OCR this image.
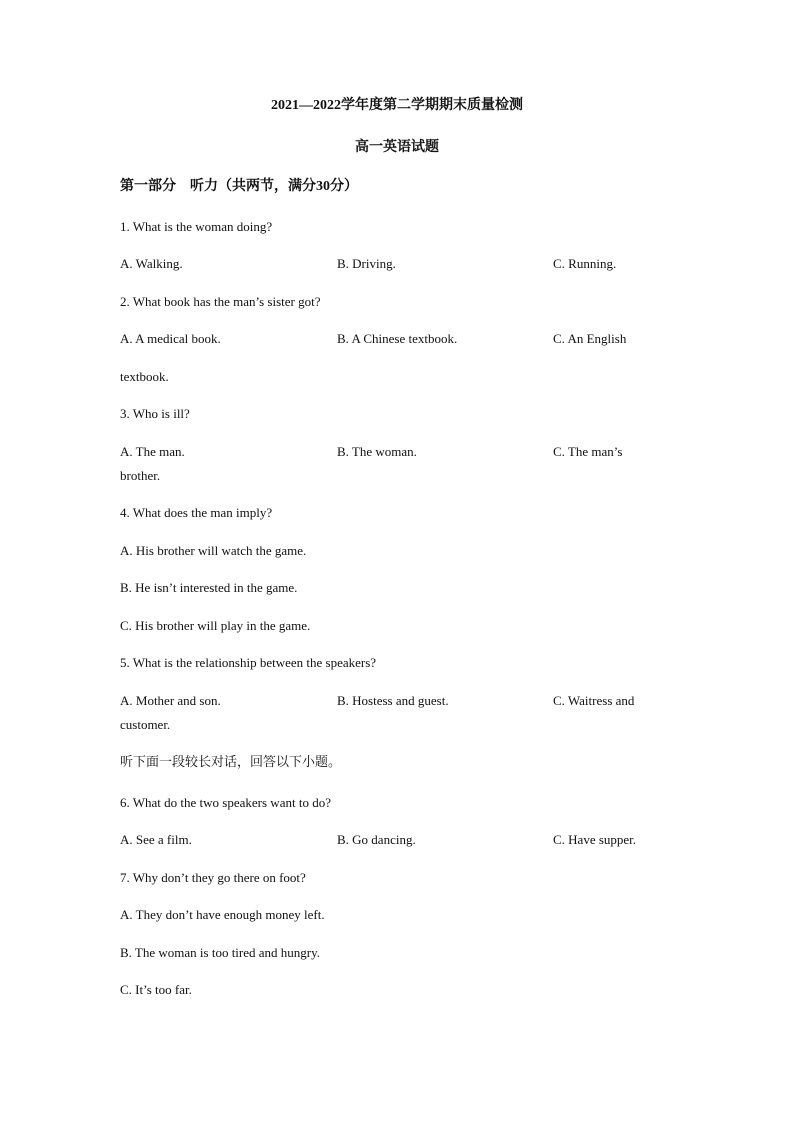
2021—2022学年度第二学期期末质量检测
高一英语试题
第一部分　听力（共两节，满分30分）
1. What is the woman doing?
A. Walking.	B. Driving.	C. Running.
2. What book has the man’s sister got?
A. A medical book.	B. A Chinese textbook.	C. An English
textbook.
3. Who is ill?
A. The man.	B. The woman.	C. The man’s
brother.
4. What does the man imply?
A. His brother will watch the game.
B. He isn’t interested in the game.
C. His brother will play in the game.
5. What is the relationship between the speakers?
A. Mother and son.	B. Hostess and guest.	C. Waitress and
customer.
听下面一段较长对话，回答以下小题。
6. What do the two speakers want to do?
A. See a film.	B. Go dancing.	C. Have supper.
7. Why don’t they go there on foot?
A. They don’t have enough money left.
B. The woman is too tired and hungry.
C. It’s too far.
